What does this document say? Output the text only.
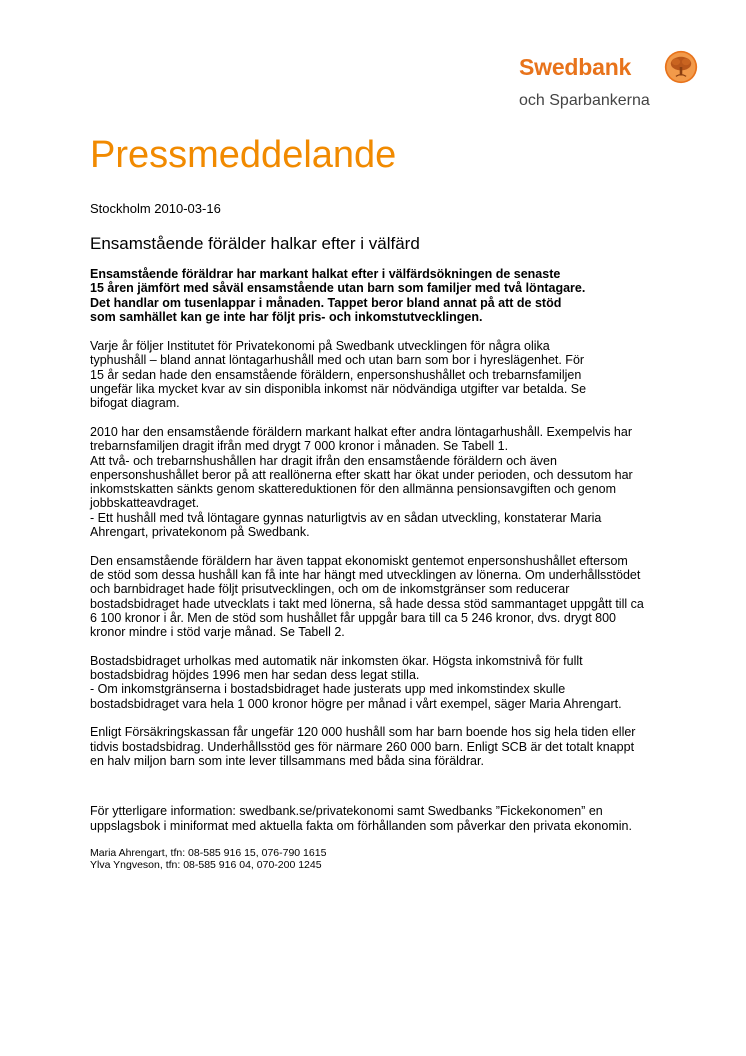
Swedbank
och Sparbankerna
Pressmeddelande
Stockholm 2010-03-16
Ensamstående förälder halkar efter i välfärd

Ensamstående föräldrar har markant halkat efter i välfärdsökningen de senaste
15 åren jämfört med såväl ensamstående utan barn som familjer med två löntagare.
Det handlar om tusenlappar i månaden. Tappet beror bland annat på att de stöd
som samhället kan ge inte har följt pris- och inkomstutvecklingen.

Varje år följer Institutet för Privatekonomi på Swedbank utvecklingen för några olika
typhushåll – bland annat löntagarhushåll med och utan barn som bor i hyreslägenhet. För
15 år sedan hade den ensamstående föräldern, enpersonshushållet och trebarnsfamiljen
ungefär lika mycket kvar av sin disponibla inkomst när nödvändiga utgifter var betalda. Se
bifogat diagram.

2010 har den ensamstående föräldern markant halkat efter andra löntagarhushåll. Exempelvis har
trebarnsfamiljen dragit ifrån med drygt 7 000 kronor i månaden. Se Tabell 1.
Att två- och trebarnshushållen har dragit ifrån den ensamstående föräldern och även
enpersonshushållet beror på att reallönerna efter skatt har ökat under perioden, och dessutom har
inkomstskatten sänkts genom skattereduktionen för den allmänna pensionsavgiften och genom
jobbskatteavdraget.
- Ett hushåll med två löntagare gynnas naturligtvis av en sådan utveckling, konstaterar Maria
Ahrengart, privatekonom på Swedbank.

Den ensamstående föräldern har även tappat ekonomiskt gentemot enpersonshushållet eftersom
de stöd som dessa hushåll kan få inte har hängt med utvecklingen av lönerna. Om underhållsstödet
och barnbidraget hade följt prisutvecklingen, och om de inkomstgränser som reducerar
bostadsbidraget hade utvecklats i takt med lönerna, så hade dessa stöd sammantaget uppgått till ca
6 100 kronor i år. Men de stöd som hushållet får uppgår bara till ca 5 246 kronor, dvs. drygt 800
kronor mindre i stöd varje månad. Se Tabell 2.

Bostadsbidraget urholkas med automatik när inkomsten ökar. Högsta inkomstnivå för fullt
bostadsbidrag höjdes 1996 men har sedan dess legat stilla.
- Om inkomstgränserna i bostadsbidraget hade justerats upp med inkomstindex skulle
bostadsbidraget vara hela 1 000 kronor högre per månad i vårt exempel, säger Maria Ahrengart.

Enligt Försäkringskassan får ungefär 120 000 hushåll som har barn boende hos sig hela tiden eller
tidvis bostadsbidrag. Underhållsstöd ges för närmare 260 000 barn. Enligt SCB är det totalt knappt
en halv miljon barn som inte lever tillsammans med båda sina föräldrar.

För ytterligare information: swedbank.se/privatekonomi samt Swedbanks ”Fickekonomen” en
uppslagsbok i miniformat med aktuella fakta om förhållanden som påverkar den privata ekonomin.

Maria Ahrengart, tfn: 08-585 916 15, 076-790 1615
Ylva Yngveson, tfn: 08-585 916 04, 070-200 1245
